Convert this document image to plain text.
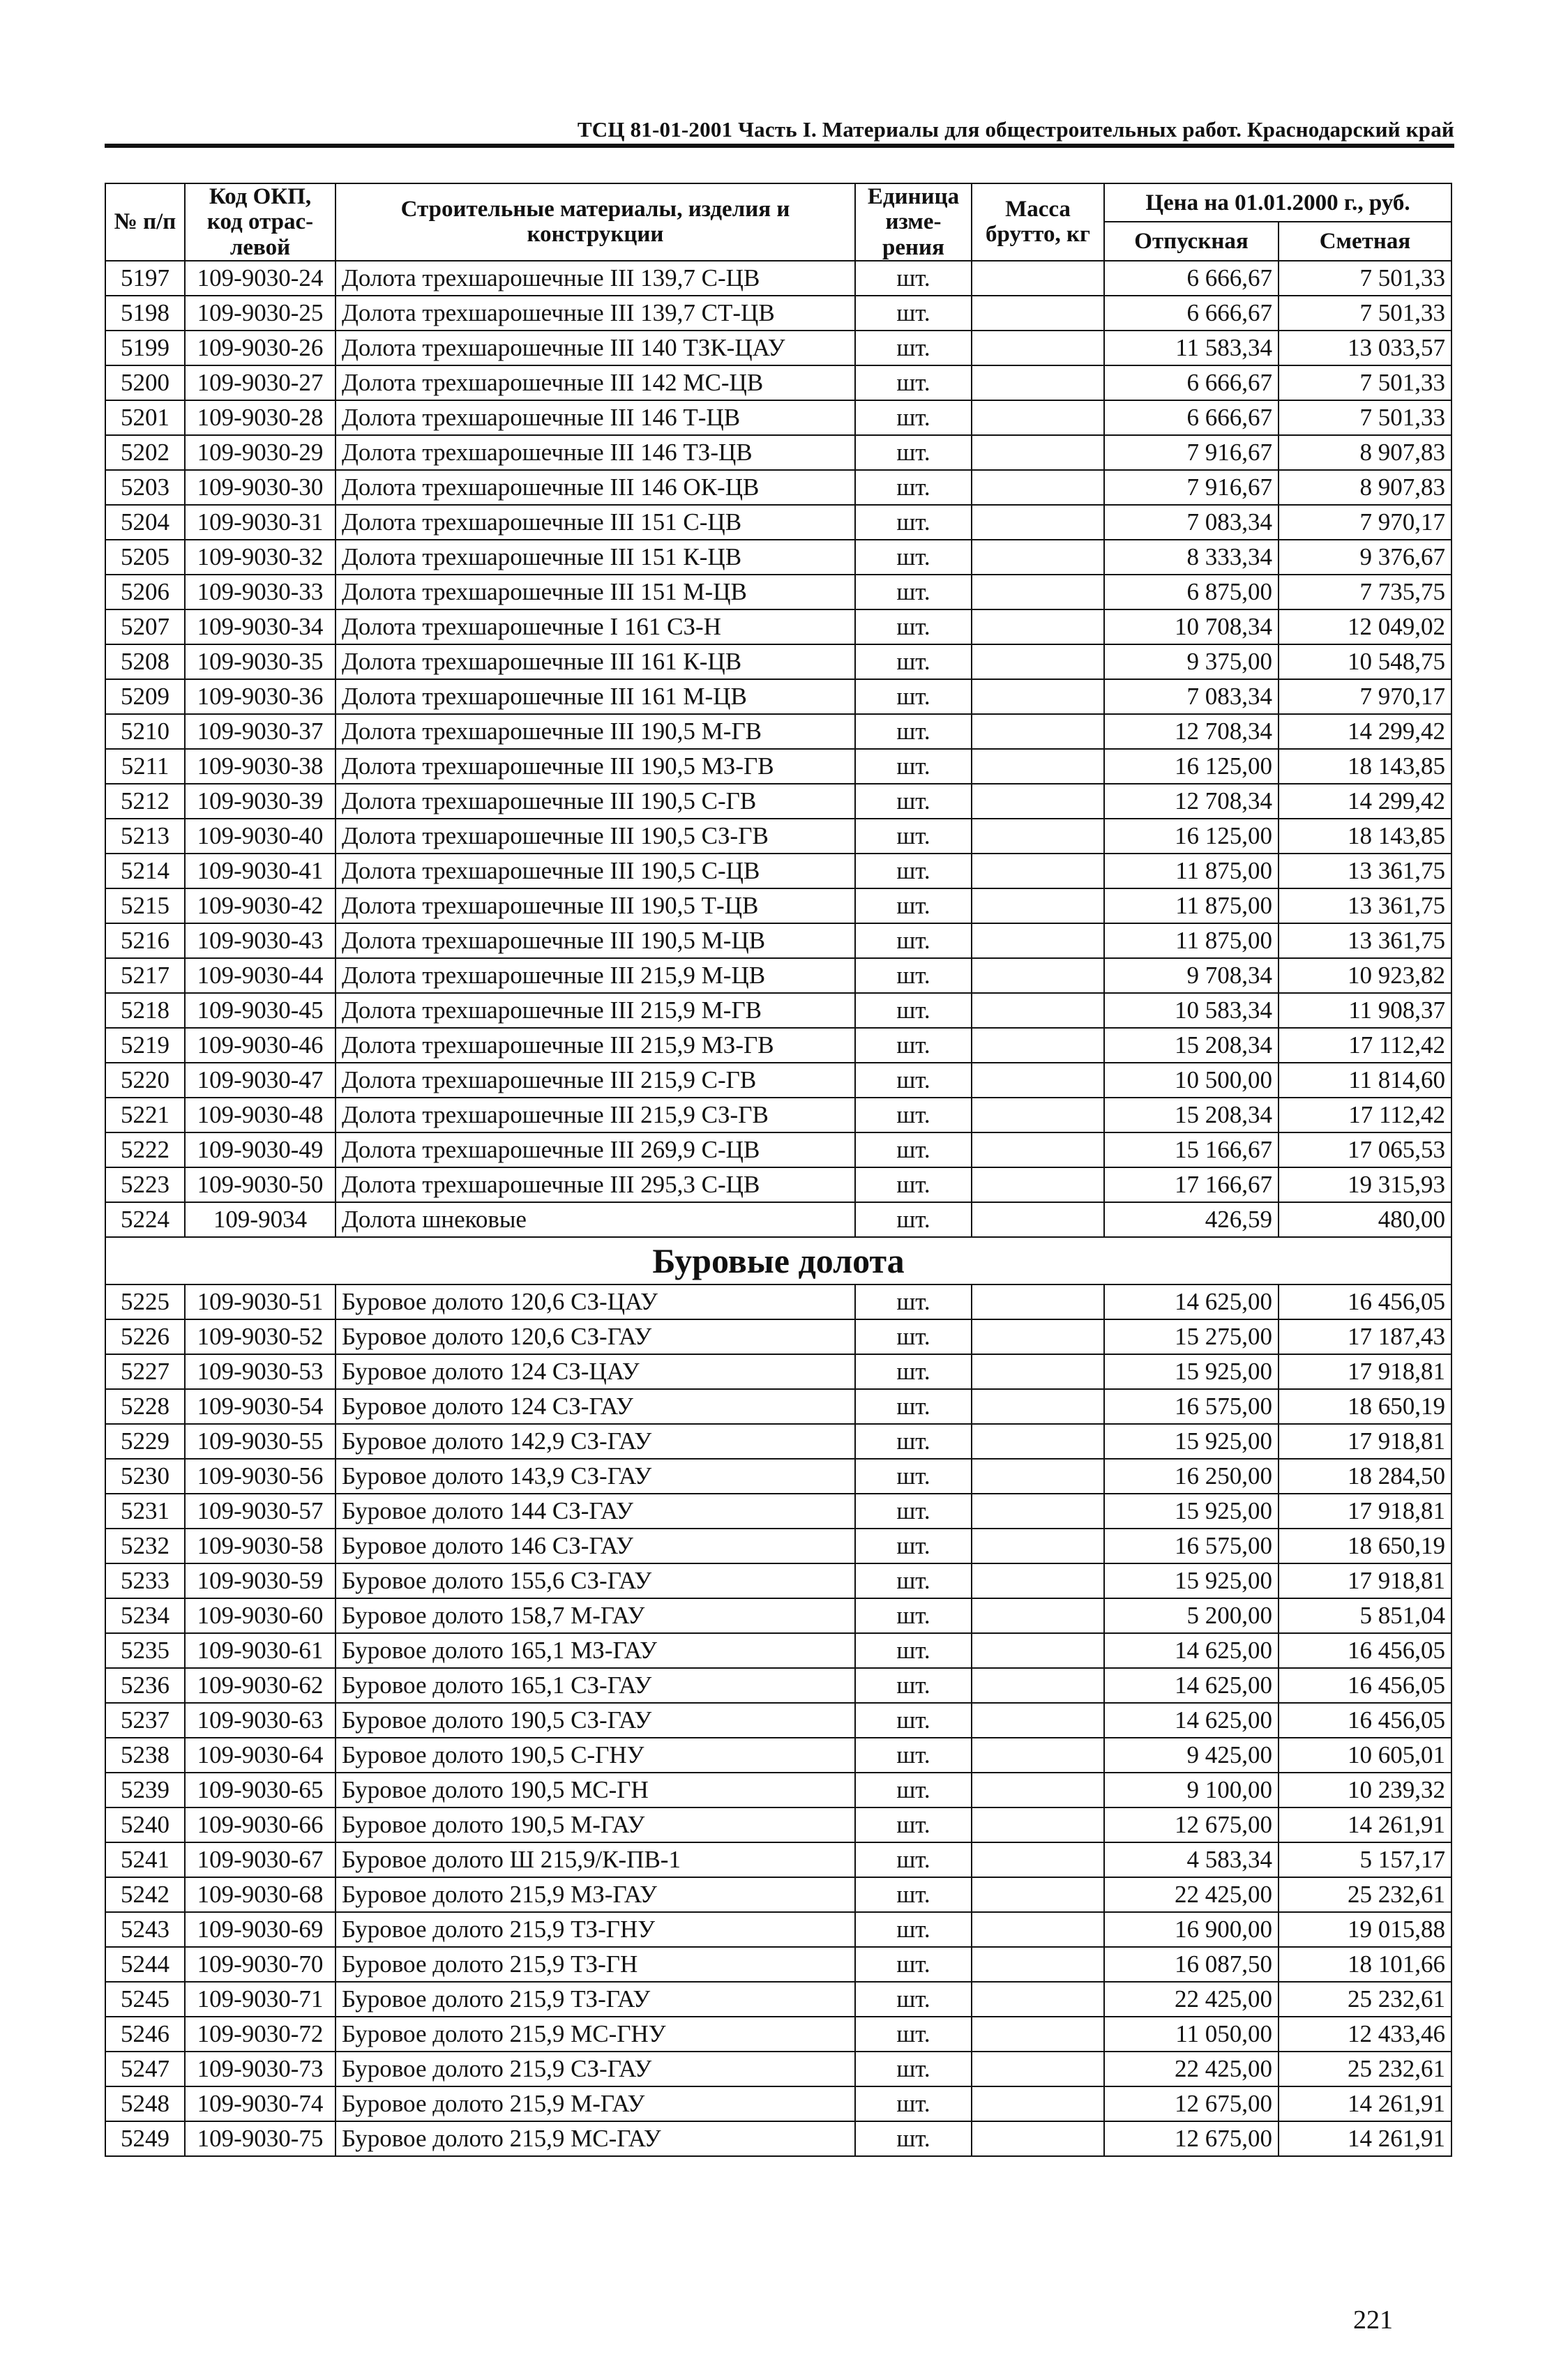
ТСЦ 81-01-2001 Часть I. Материалы для общестроительных работ. Краснодарский край
№ п/п	Код ОКП, код отрас-левой	Строительные материалы, изделия и конструкции	Единица изме-рения	Масса брутто, кг	Цена на 01.01.2000 г., руб.	
					Отпускная	Сметная
5197	109-9030-24	Долота трехшарошечные III 139,7 С-ЦВ	шт.		6 666,67	7 501,33
5198	109-9030-25	Долота трехшарошечные III 139,7 СТ-ЦВ	шт.		6 666,67	7 501,33
5199	109-9030-26	Долота трехшарошечные III 140 ТЗК-ЦАУ	шт.		11 583,34	13 033,57
5200	109-9030-27	Долота трехшарошечные III 142 МС-ЦВ	шт.		6 666,67	7 501,33
5201	109-9030-28	Долота трехшарошечные III 146 Т-ЦВ	шт.		6 666,67	7 501,33
5202	109-9030-29	Долота трехшарошечные III 146 ТЗ-ЦВ	шт.		7 916,67	8 907,83
5203	109-9030-30	Долота трехшарошечные III 146 ОК-ЦВ	шт.		7 916,67	8 907,83
5204	109-9030-31	Долота трехшарошечные III 151 С-ЦВ	шт.		7 083,34	7 970,17
5205	109-9030-32	Долота трехшарошечные III 151 К-ЦВ	шт.		8 333,34	9 376,67
5206	109-9030-33	Долота трехшарошечные III 151 М-ЦВ	шт.		6 875,00	7 735,75
5207	109-9030-34	Долота трехшарошечные I 161 СЗ-Н	шт.		10 708,34	12 049,02
5208	109-9030-35	Долота трехшарошечные III 161 К-ЦВ	шт.		9 375,00	10 548,75
5209	109-9030-36	Долота трехшарошечные III 161 М-ЦВ	шт.		7 083,34	7 970,17
5210	109-9030-37	Долота трехшарошечные III 190,5 М-ГВ	шт.		12 708,34	14 299,42
5211	109-9030-38	Долота трехшарошечные III 190,5 МЗ-ГВ	шт.		16 125,00	18 143,85
5212	109-9030-39	Долота трехшарошечные III 190,5 С-ГВ	шт.		12 708,34	14 299,42
5213	109-9030-40	Долота трехшарошечные III 190,5 СЗ-ГВ	шт.		16 125,00	18 143,85
5214	109-9030-41	Долота трехшарошечные III 190,5 С-ЦВ	шт.		11 875,00	13 361,75
5215	109-9030-42	Долота трехшарошечные III 190,5 Т-ЦВ	шт.		11 875,00	13 361,75
5216	109-9030-43	Долота трехшарошечные III 190,5 М-ЦВ	шт.		11 875,00	13 361,75
5217	109-9030-44	Долота трехшарошечные III 215,9 М-ЦВ	шт.		9 708,34	10 923,82
5218	109-9030-45	Долота трехшарошечные III 215,9 М-ГВ	шт.		10 583,34	11 908,37
5219	109-9030-46	Долота трехшарошечные III 215,9 МЗ-ГВ	шт.		15 208,34	17 112,42
5220	109-9030-47	Долота трехшарошечные III 215,9 С-ГВ	шт.		10 500,00	11 814,60
5221	109-9030-48	Долота трехшарошечные III 215,9 СЗ-ГВ	шт.		15 208,34	17 112,42
5222	109-9030-49	Долота трехшарошечные III 269,9 С-ЦВ	шт.		15 166,67	17 065,53
5223	109-9030-50	Долота трехшарошечные III 295,3 С-ЦВ	шт.		17 166,67	19 315,93
5224	109-9034	Долота шнековые	шт.		426,59	480,00
Буровые долота						
5225	109-9030-51	Буровое долото 120,6 СЗ-ЦАУ	шт.		14 625,00	16 456,05
5226	109-9030-52	Буровое долото 120,6 СЗ-ГАУ	шт.		15 275,00	17 187,43
5227	109-9030-53	Буровое долото 124 СЗ-ЦАУ	шт.		15 925,00	17 918,81
5228	109-9030-54	Буровое долото 124 СЗ-ГАУ	шт.		16 575,00	18 650,19
5229	109-9030-55	Буровое долото 142,9 СЗ-ГАУ	шт.		15 925,00	17 918,81
5230	109-9030-56	Буровое долото 143,9 СЗ-ГАУ	шт.		16 250,00	18 284,50
5231	109-9030-57	Буровое долото 144 СЗ-ГАУ	шт.		15 925,00	17 918,81
5232	109-9030-58	Буровое долото 146 СЗ-ГАУ	шт.		16 575,00	18 650,19
5233	109-9030-59	Буровое долото 155,6 СЗ-ГАУ	шт.		15 925,00	17 918,81
5234	109-9030-60	Буровое долото 158,7 М-ГАУ	шт.		5 200,00	5 851,04
5235	109-9030-61	Буровое долото 165,1 МЗ-ГАУ	шт.		14 625,00	16 456,05
5236	109-9030-62	Буровое долото 165,1 СЗ-ГАУ	шт.		14 625,00	16 456,05
5237	109-9030-63	Буровое долото 190,5 СЗ-ГАУ	шт.		14 625,00	16 456,05
5238	109-9030-64	Буровое долото 190,5 С-ГНУ	шт.		9 425,00	10 605,01
5239	109-9030-65	Буровое долото 190,5 МС-ГН	шт.		9 100,00	10 239,32
5240	109-9030-66	Буровое долото 190,5 М-ГАУ	шт.		12 675,00	14 261,91
5241	109-9030-67	Буровое долото Ш 215,9/К-ПВ-1	шт.		4 583,34	5 157,17
5242	109-9030-68	Буровое долото 215,9 МЗ-ГАУ	шт.		22 425,00	25 232,61
5243	109-9030-69	Буровое долото 215,9 ТЗ-ГНУ	шт.		16 900,00	19 015,88
5244	109-9030-70	Буровое долото 215,9 ТЗ-ГН	шт.		16 087,50	18 101,66
5245	109-9030-71	Буровое долото 215,9 ТЗ-ГАУ	шт.		22 425,00	25 232,61
5246	109-9030-72	Буровое долото 215,9 МС-ГНУ	шт.		11 050,00	12 433,46
5247	109-9030-73	Буровое долото 215,9 СЗ-ГАУ	шт.		22 425,00	25 232,61
5248	109-9030-74	Буровое долото 215,9 М-ГАУ	шт.		12 675,00	14 261,91
5249	109-9030-75	Буровое долото 215,9 МС-ГАУ	шт.		12 675,00	14 261,91
221
